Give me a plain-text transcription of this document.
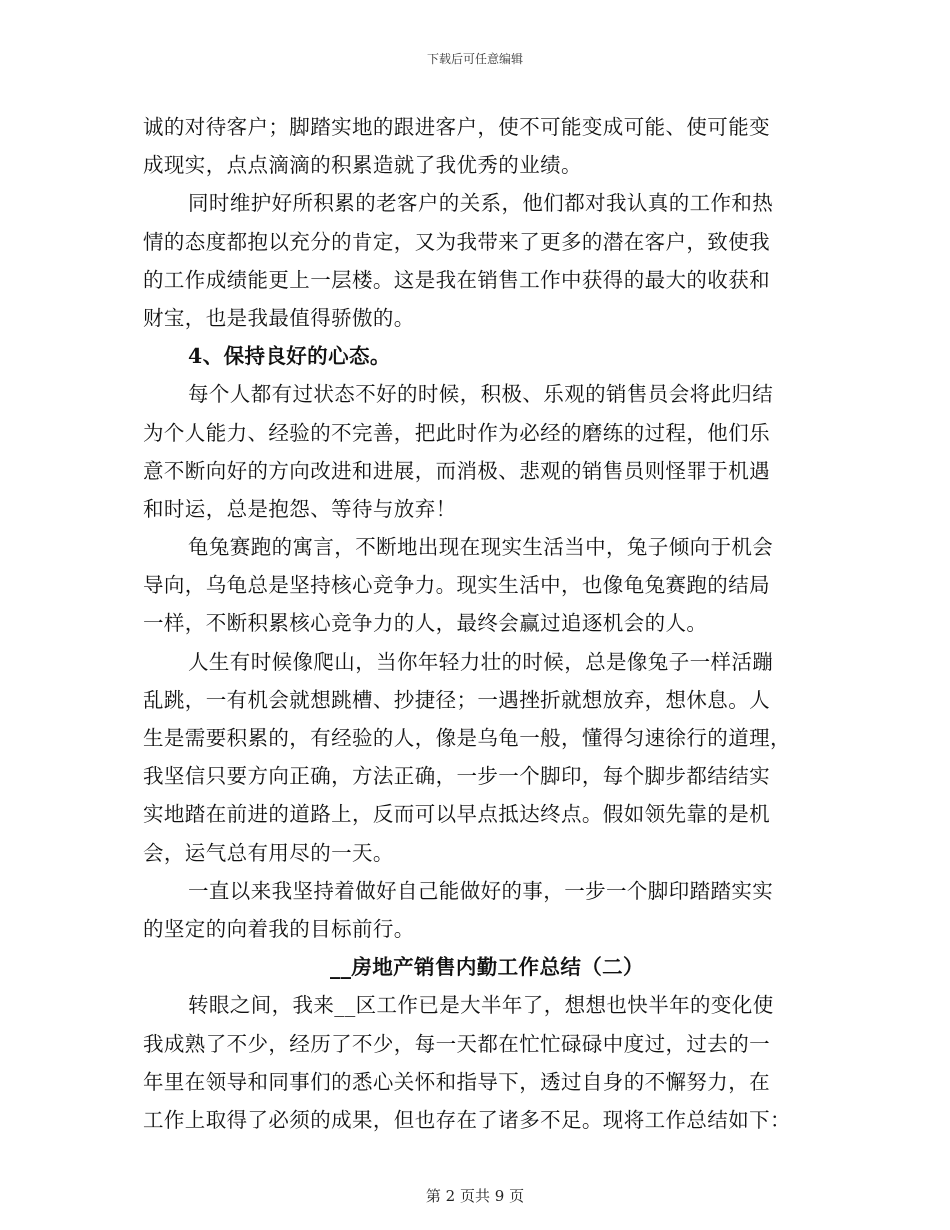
下载后可任意编辑
诚的对待客户；脚踏实地的跟进客户，使不可能变成可能、使可能变
成现实，点点滴滴的积累造就了我优秀的业绩。
同时维护好所积累的老客户的关系，他们都对我认真的工作和热
情的态度都抱以充分的肯定，又为我带来了更多的潜在客户，致使我
的工作成绩能更上一层楼。这是我在销售工作中获得的最大的收获和
财宝，也是我最值得骄傲的。
4、保持良好的心态。
每个人都有过状态不好的时候，积极、乐观的销售员会将此归结
为个人能力、经验的不完善，把此时作为必经的磨练的过程，他们乐
意不断向好的方向改进和进展，而消极、悲观的销售员则怪罪于机遇
和时运，总是抱怨、等待与放弃！
龟兔赛跑的寓言，不断地出现在现实生活当中，兔子倾向于机会
导向，乌龟总是坚持核心竞争力。现实生活中，也像龟兔赛跑的结局
一样，不断积累核心竞争力的人，最终会赢过追逐机会的人。
人生有时候像爬山，当你年轻力壮的时候，总是像兔子一样活蹦
乱跳，一有机会就想跳槽、抄捷径；一遇挫折就想放弃，想休息。人
生是需要积累的，有经验的人，像是乌龟一般，懂得匀速徐行的道理，
我坚信只要方向正确，方法正确，一步一个脚印，每个脚步都结结实
实地踏在前进的道路上，反而可以早点抵达终点。假如领先靠的是机
会，运气总有用尽的一天。
一直以来我坚持着做好自己能做好的事，一步一个脚印踏踏实实
的坚定的向着我的目标前行。
__房地产销售内勤工作总结（二）
转眼之间，我来__区工作已是大半年了，想想也快半年的变化使
我成熟了不少，经历了不少，每一天都在忙忙碌碌中度过，过去的一
年里在领导和同事们的悉心关怀和指导下，透过自身的不懈努力，在
工作上取得了必须的成果，但也存在了诸多不足。现将工作总结如下：
第 2 页共 9 页
